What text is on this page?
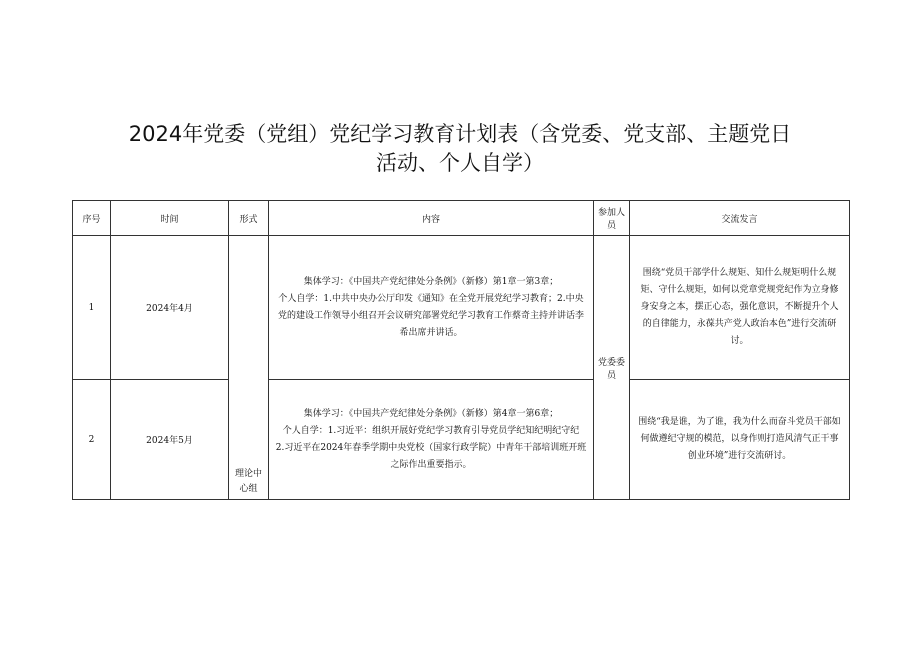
2024年党委（党组）党纪学习教育计划表（含党委、党支部、主题党日
活动、个人自学）
序号	时间	形式	内容	参加人员	交流发言
1	2024年4月	理论中心组	集体学习：《中国共产党纪律处分条例》（新修）第1章一第3章；

个人自学：1.中共中央办公厅印发《通知》在全党开展党纪学习教育；2.中央党的建设工作领导小组召开会议研究部署党纪学习教育工作蔡奇主持并讲话李希出席并讲话。	党委委员	围绕“党员干部学什么规矩、知什么规矩明什么规矩、守什么规矩，如何以党章党规党纪作为立身修身安身之本，摆正心态，强化意识，不断提升个人的自律能力，永葆共产党人政治本色”进行交流研讨。

2	2024年5月		集体学习：《中国共产党纪律处分条例》（新修）第4章一第6章；

个人自学：1.习近平：组织开展好党纪学习教育引导党员学纪知纪明纪守纪

2.习近平在2024年春季学期中央党校（国家行政学院）中青年干部培训班开班之际作出重要指示。		围绕“我是谁，为了谁，我为什么而奋斗党员干部如何做遵纪守规的模范，以身作则打造风清气正干事创业环境”进行交流研讨。
